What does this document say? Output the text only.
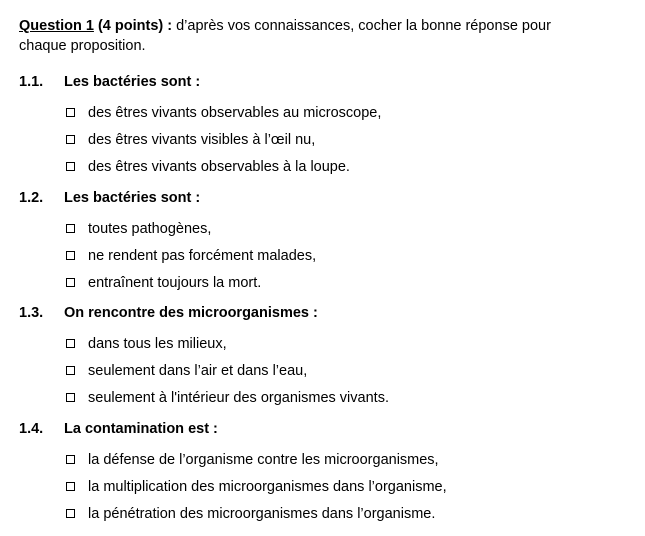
Question 1 (4 points) : d’après vos connaissances, cocher la bonne réponse pour
chaque proposition.
1.1.	Les bactéries sont :
des êtres vivants observables au microscope,
des êtres vivants visibles à l’œil nu,
des êtres vivants observables à la loupe.
1.2.	Les bactéries sont :
toutes pathogènes,
ne rendent pas forcément malades,
entraînent toujours la mort.
1.3.	On rencontre des microorganismes :
dans tous les milieux,
seulement dans l’air et dans l’eau,
seulement à l'intérieur des organismes vivants.
1.4.	La contamination est :
la défense de l’organisme contre les microorganismes,
la multiplication des microorganismes dans l’organisme,
la pénétration des microorganismes dans l’organisme.
